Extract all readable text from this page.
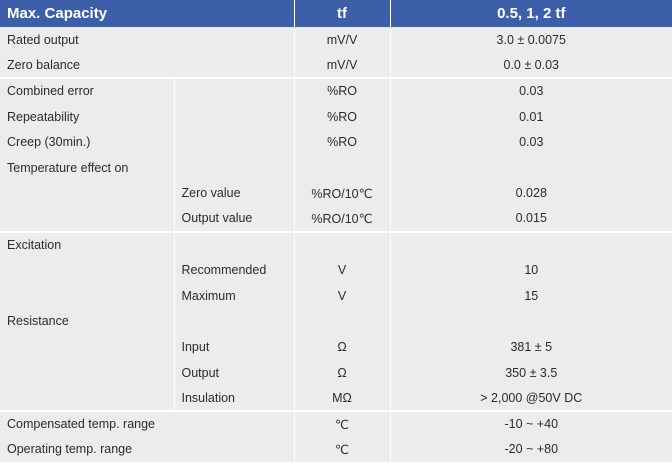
Max. Capacity		tf	0.5, 1, 2 tf
Rated output		mV/V	3.0 ± 0.0075
Zero balance		mV/V	0.0 ± 0.03
Combined error		%RO	0.03
Repeatability		%RO	0.01
Creep (30min.)		%RO	0.03
Temperature effect on			
	Zero value	%RO/10℃	0.028
	Output value	%RO/10℃	0.015
Excitation			
	Recommended	V	10
	Maximum	V	15
Resistance			
	Input	Ω	381 ± 5
	Output	Ω	350 ± 3.5
	Insulation	MΩ	> 2,000 @50V DC
Compensated temp. range		℃	-10 ~ +40
Operating temp. range		℃	-20 ~ +80
